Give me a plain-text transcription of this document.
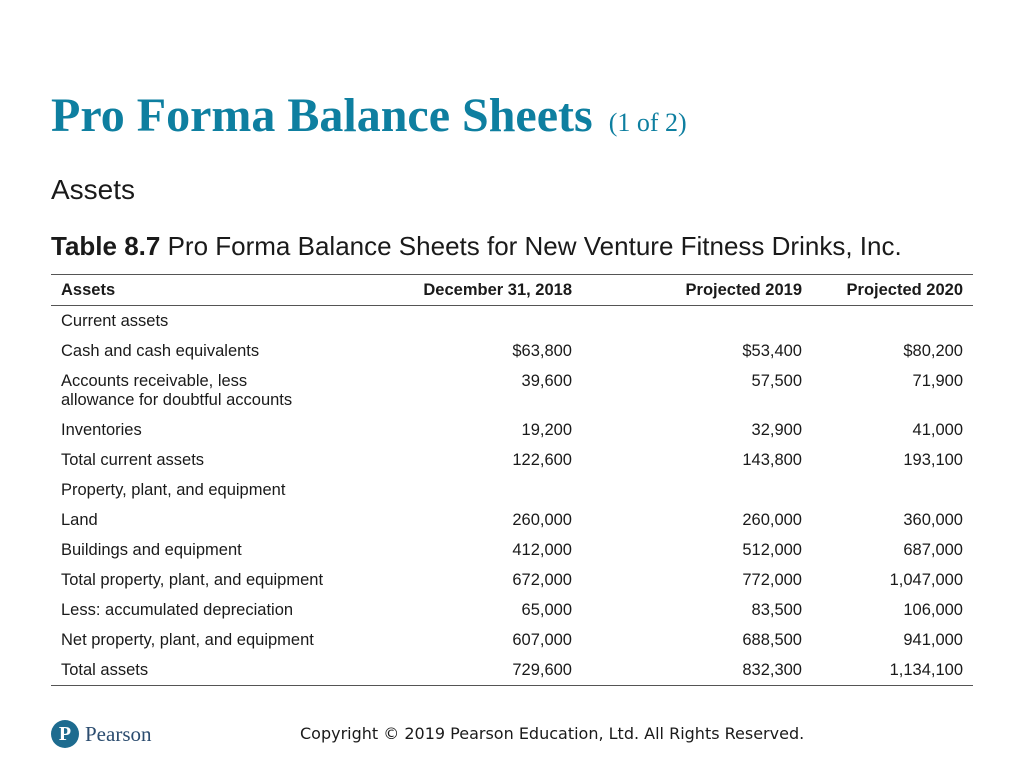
Pro Forma Balance Sheets (1 of 2)
Assets
Table 8.7 Pro Forma Balance Sheets for New Venture Fitness Drinks, Inc.
Assets	December 31, 2018	Projected 2019	Projected 2020
Current assets			
Cash and cash equivalents	$63,800	$53,400	$80,200
Accounts receivable, less allowance for doubtful accounts	39,600	57,500	71,900
Inventories	19,200	32,900	41,000
Total current assets	122,600	143,800	193,100
Property, plant, and equipment			
Land	260,000	260,000	360,000
Buildings and equipment	412,000	512,000	687,000
Total property, plant, and equipment	672,000	772,000	1,047,000
Less: accumulated depreciation	65,000	83,500	106,000
Net property, plant, and equipment	607,000	688,500	941,000
Total assets	729,600	832,300	1,134,100
P Pearson	Copyright © 2019 Pearson Education, Ltd. All Rights Reserved.
